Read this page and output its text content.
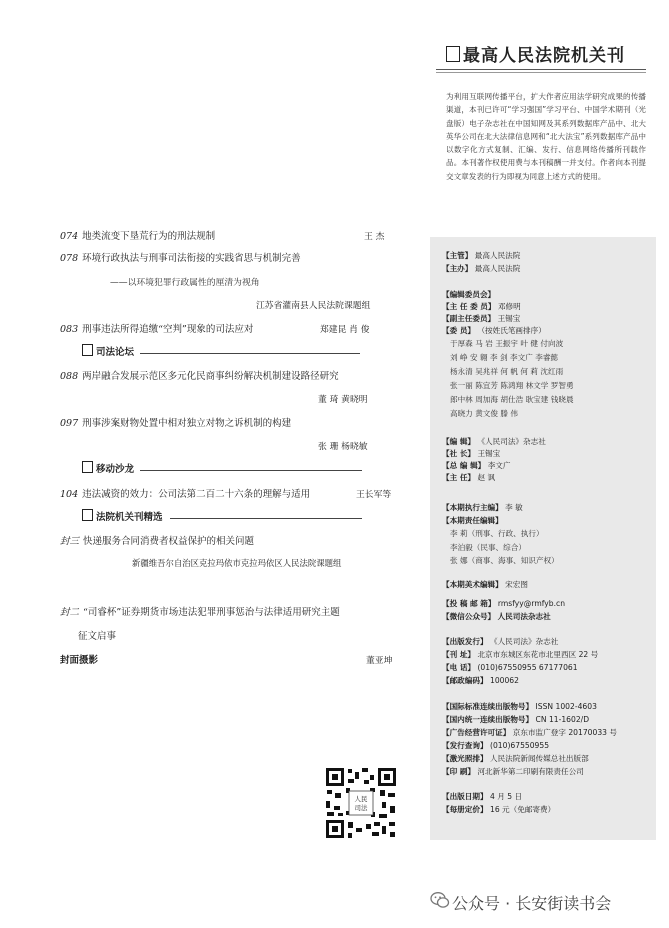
最高人民法院机关刊
为利用互联网传播平台，扩大作者应用法学研究成果的传播渠道，本刊已许可“学习强国”学习平台、中国学术期刊（光盘版）电子杂志社在中国知网及其系列数据库产品中、北大英华公司在北大法律信息网和“北大法宝”系列数据库产品中以数字化方式复制、汇编、发行、信息网络传播所刊载作品。本刊著作权使用费与本刊稿酬一并支付。作者向本刊提交文章发表的行为即视为同意上述方式的使用。
074 地类流变下垦荒行为的刑法规制	王 杰
078 环境行政执法与刑事司法衔接的实践省思与机制完善
——以环境犯罪行政属性的厘清为视角
江苏省灌南县人民法院课题组
083 刑事违法所得追缴“空判”现象的司法应对	郑建昆 肖 俊
司法论坛
088 两岸融合发展示范区多元化民商事纠纷解决机制建设路径研究
董 琦 黄晓明
097 刑事涉案财物处置中相对独立对物之诉机制的构建
张 珊 杨晓敏
移动沙龙
104 违法减资的效力：公司法第二百二十六条的理解与适用	王长军等
法院机关刊精选
封三 快递服务合同消费者权益保护的相关问题
新疆维吾尔自治区克拉玛依市克拉玛依区人民法院课题组
封二 “司睿杯”证券期货市场违法犯罪刑事惩治与法律适用研究主题
征文启事
封面摄影	董亚坤
【主管】 最高人民法院
【主办】 最高人民法院
【编辑委员会】
【主 任 委 员】 邓修明
【副主任委员】 王锡宝
【委 员】 （按姓氏笔画排序）
于厚森 马 岩 王振宇 叶 健 付向波
刘 峥 安 翱 李 剑 李文广 李睿懿
杨永清 吴兆祥 何 帆 何 莉 沈红雨
张一丽 陈宜芳 陈鸿翔 林文学 罗智勇
郎中林 周加海 胡仕浩 耿宝建 钱晓晨
高晓力 黄文俊 滕 伟
【编 辑】 《人民司法》杂志社
【社 长】 王锡宝
【总 编 辑】 李文广
【主 任】 赵 讽
【本期执行主编】 李 敏
【本期责任编辑】
李 莉（刑事、行政、执行）
李泊毅（民事、综合）
张 娜（商事、海事、知识产权）
【本期美术编辑】 宋宏图
【投 稿 邮 箱】 rmsfyy@rmfyb.cn
【微信公众号】 人民司法杂志社
【出版发行】 《人民司法》杂志社
【刊 址】 北京市东城区东花市北里西区 22 号
【电 话】 (010)67550955 67177061
【邮政编码】 100062
【国际标准连续出版物号】 ISSN 1002-4603
【国内统一连续出版物号】 CN 11-1602/D
【广告经营许可证】 京东市监广登字 20170033 号
【发行查询】 (010)67550955
【激光照排】 人民法院新闻传媒总社出版部
【印 刷】 河北新华第二印刷有限责任公司
【出版日期】 4 月 5 日
【每册定价】 16 元（免邮寄费）
人民
司法
公众号 · 长安街读书会
